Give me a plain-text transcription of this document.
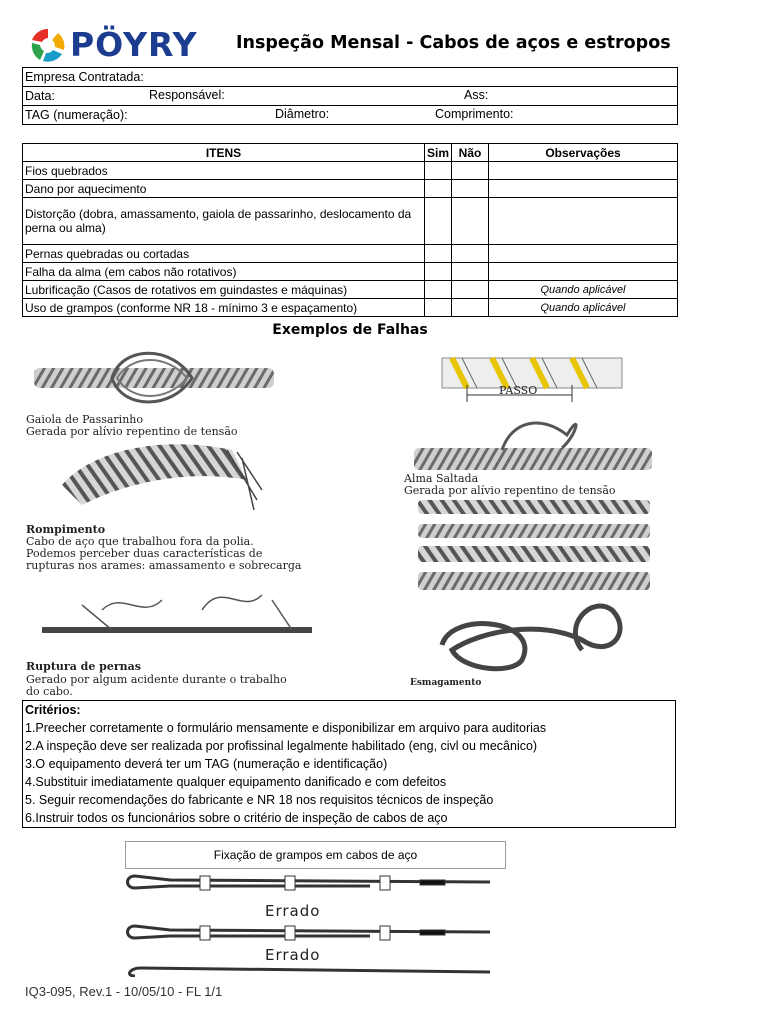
PÖYRY Inspeção Mensal - Cabos de aços e estropos
Empresa Contratada:
Data:	Responsável:	Ass:

TAG (numeração):	Diâmetro:	Comprimento:
ITENS	Sim	Não	Observações
Fios quebrados			
Dano por aquecimento			
Distorção (dobra, amassamento, gaiola de passarinho, deslocamento da perna ou alma)			
Pernas quebradas ou cortadas			
Falha da alma (em cabos não rotativos)			
Lubrificação (Casos de rotativos em guindastes e máquinas)			Quando aplicável
Uso de grampos (conforme NR 18 - mínimo 3 e espaçamento)			Quando aplicável
Exemplos de Falhas
Gaiola de Passarinho
Gerada por alívio repentino de tensão
PASSO
Alma Saltada
Gerada por alívio repentino de tensão
Rompimento
Cabo de aço que trabalhou fora da polia.
Podemos perceber duas características de
rupturas nos arames: amassamento e sobrecarga
Ruptura de pernas
Gerado por algum acidente durante o trabalho
do cabo.
Esmagamento
Critérios:
1.Preecher corretamente o formulário mensamente e disponibilizar em arquivo para auditorias
2.A inspeção deve ser realizada por profissinal legalmente habilitado (eng, civl ou mecânico)
3.O equipamento deverá ter um TAG (numeração e identificação)
4.Substituir imediatamente qualquer equipamento danificado e com defeitos
5. Seguir recomendações do fabricante e NR 18 nos requisitos técnicos de inspeção
6.Instruir todos os funcionários sobre o critério de inspeção de cabos de aço
Fixação de grampos em cabos de aço
Errado
Errado
IQ3-095, Rev.1 - 10/05/10 - FL 1/1
